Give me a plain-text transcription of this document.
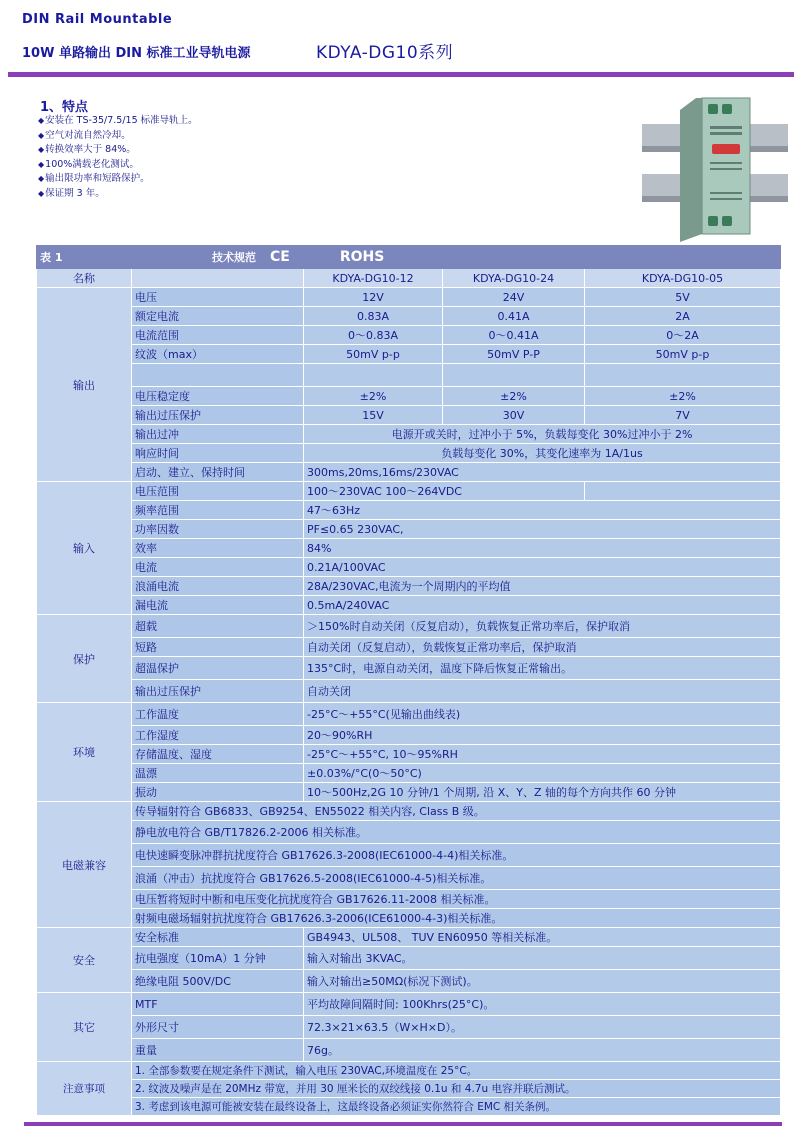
DIN Rail Mountable
10W 单路输出 DIN 标准工业导轨电源	KDYA-DG10系列
1、特点
◆ 安装在 TS-35/7.5/15 标准导轨上。
◆ 空气对流自然冷却。
◆ 转换效率大于 84%。
◆ 100%满载老化测试。
◆ 输出限功率和短路保护。
◆ 保证期 3 年。
表 1	技术规范 CE ROHS			
名称		KDYA-DG10-12	KDYA-DG10-24	KDYA-DG10-05
输出	电压	12V	24V	5V
	额定电流	0.83A	0.41A	2A
	电流范围	0～0.83A	0～0.41A	0～2A
	纹波（max）	50mV p-p	50mV P-P	50mV p-p

	电压稳定度	±2%	±2%	±2%
	输出过压保护	15V	30V	7V
	输出过冲	电源开或关时，过冲小于 5%，负载每变化 30%过冲小于 2%		
	响应时间	负载每变化 30%，其变化速率为 1A/1us		
	启动、建立、保持时间	300ms,20ms,16ms/230VAC		
输入	电压范围	100～230VAC 100～264VDC		
	频率范围	47～63Hz		
	功率因数	PF≤0.65 230VAC,		
	效率	84%		
	电流	0.21A/100VAC		
	浪涌电流	28A/230VAC,电流为一个周期内的平均值		
	漏电流	0.5mA/240VAC		
保护	超载	＞150%时自动关闭（反复启动），负载恢复正常功率后，保护取消		
	短路	自动关闭（反复启动），负载恢复正常功率后，保护取消		
	超温保护	135°C时，电源自动关闭，温度下降后恢复正常输出。		
	输出过压保护	自动关闭		
环境	工作温度	-25°C～+55°C(见输出曲线表)		
	工作湿度	20～90%RH		
	存储温度、湿度	-25°C～+55°C, 10～95%RH		
	温漂	±0.03%/°C(0～50°C)		
	振动	10～500Hz,2G 10 分钟/1 个周期, 沿 X、Y、Z 轴的每个方向共作 60 分钟		
电磁兼容	传导辐射符合 GB6833、GB9254、EN55022 相关内容, Class B 级。			
	静电放电符合 GB/T17826.2-2006 相关标准。			
	电快速瞬变脉冲群抗扰度符合 GB17626.3-2008(IEC61000-4-4)相关标准。			
	浪涌（冲击）抗扰度符合 GB17626.5-2008(IEC61000-4-5)相关标准。			
	电压暂将短时中断和电压变化抗扰度符合 GB17626.11-2008 相关标准。			
	射频电磁场辐射抗扰度符合 GB17626.3-2006(ICE61000-4-3)相关标准。			
安全	安全标准	GB4943、UL508、 TUV EN60950 等相关标准。		
	抗电强度（10mA）1 分钟	输入对输出 3KVAC。		
	绝缘电阻 500V/DC	输入对输出≥50MΩ(标况下测试)。		
其它	MTF	平均故障间隔时间: 100Khrs(25°C)。		
	外形尺寸	72.3×21×63.5（W×H×D）。		
	重量	76g。		
注意事项	1. 全部参数要在规定条件下测试，输入电压 230VAC,环境温度在 25°C。			
	2. 纹波及噪声是在 20MHz 带宽，并用 30 厘米长的双绞线接 0.1u 和 4.7u 电容并联后测试。			
	3. 考虑到该电源可能被安装在最终设备上，这最终设备必须证实你然符合 EMC 相关条例。			
